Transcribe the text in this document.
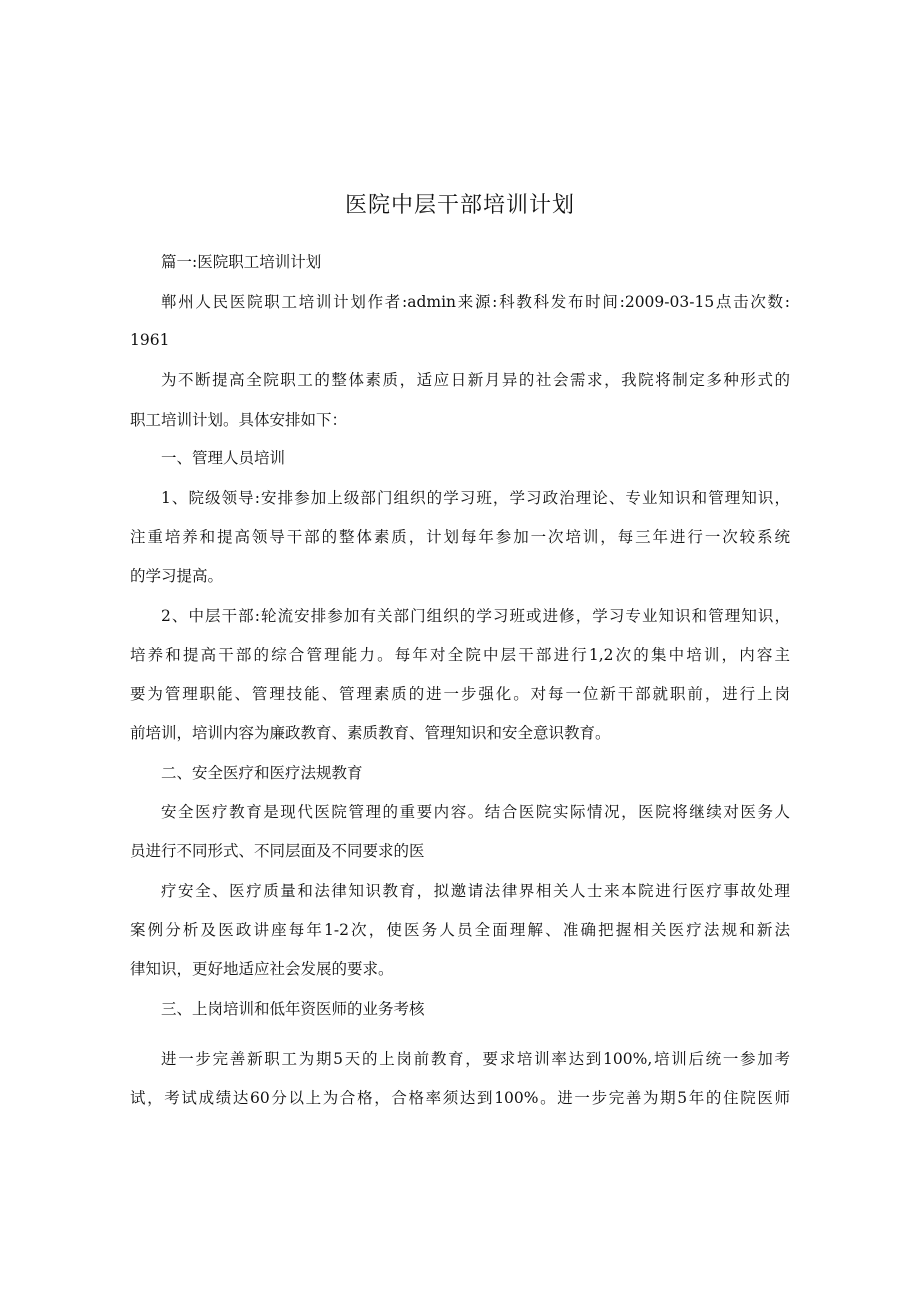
医院中层干部培训计划
篇一:医院职工培训计划
郸州人民医院职工培训计划作者:admin来源:科教科发布时间:2009-03-15点击次数:
1961
为不断提高全院职工的整体素质，适应日新月异的社会需求，我院将制定多种形式的
职工培训计划。具体安排如下：
一、管理人员培训
1、院级领导:安排参加上级部门组织的学习班，学习政治理论、专业知识和管理知识，
注重培养和提高领导干部的整体素质，计划每年参加一次培训，每三年进行一次较系统
的学习提高。
2、中层干部:轮流安排参加有关部门组织的学习班或进修，学习专业知识和管理知识，
培养和提高干部的综合管理能力。每年对全院中层干部进行1,2次的集中培训，内容主
要为管理职能、管理技能、管理素质的进一步强化。对每一位新干部就职前，进行上岗
前培训，培训内容为廉政教育、素质教育、管理知识和安全意识教育。
二、安全医疗和医疗法规教育
安全医疗教育是现代医院管理的重要内容。结合医院实际情况，医院将继续对医务人
员进行不同形式、不同层面及不同要求的医
疗安全、医疗质量和法律知识教育，拟邀请法律界相关人士来本院进行医疗事故处理
案例分析及医政讲座每年1-2次，使医务人员全面理解、准确把握相关医疗法规和新法
律知识，更好地适应社会发展的要求。
三、上岗培训和低年资医师的业务考核
进一步完善新职工为期5天的上岗前教育，要求培训率达到100%,培训后统一参加考
试，考试成绩达60分以上为合格，合格率须达到100%。进一步完善为期5年的住院医师
